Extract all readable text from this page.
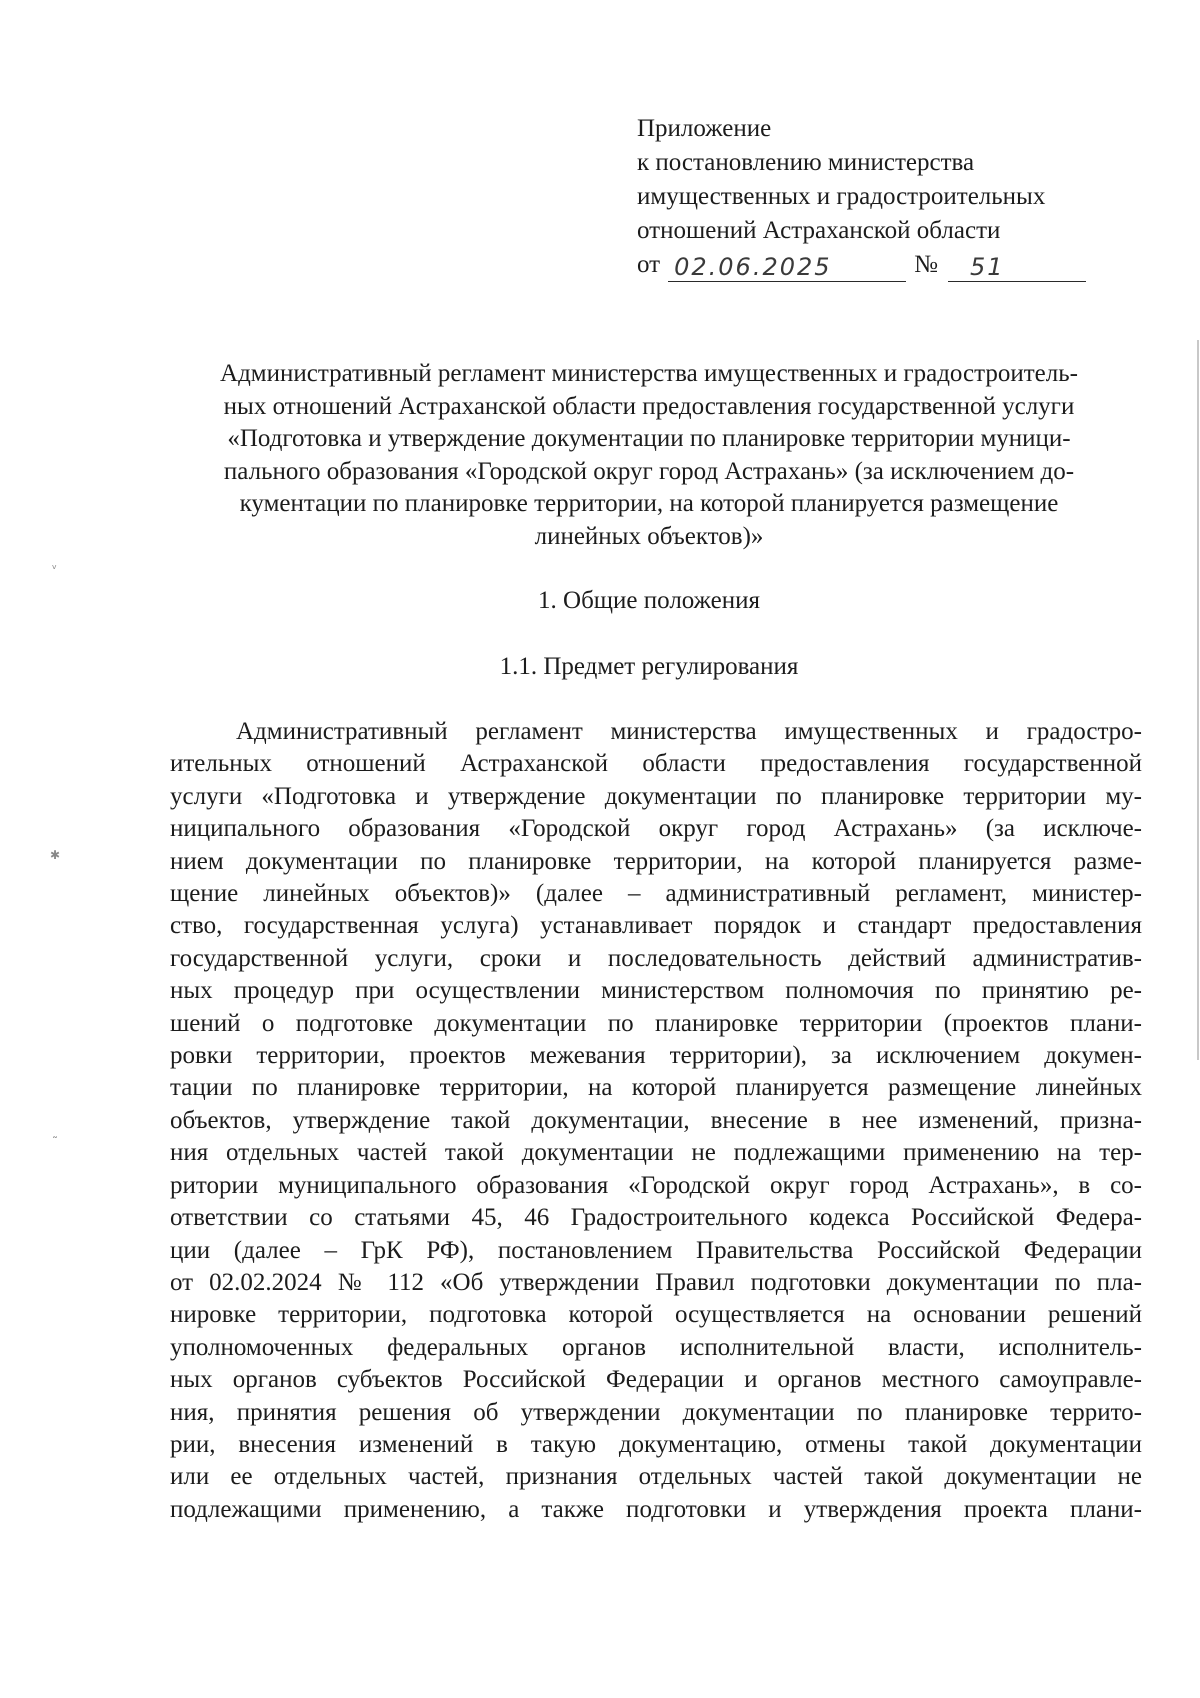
ᵥ
✱
˜
Приложение
к постановлению министерства
имущественных и градостроительных
отношений Астраханской области
от 02.06.2025	№	51
Административный регламент министерства имущественных и градостроитель-
ных отношений Астраханской области предоставления государственной услуги
«Подготовка и утверждение документации по планировке территории муници-
пального образования «Городской округ город Астрахань» (за исключением до-
кументации по планировке территории, на которой планируется размещение
линейных объектов)»
1. Общие положения
1.1. Предмет регулирования
Административный регламент министерства имущественных и градостро-
ительных отношений Астраханской области предоставления государственной
услуги «Подготовка и утверждение документации по планировке территории му-
ниципального образования «Городской округ город Астрахань» (за исключе-
нием документации по планировке территории, на которой планируется разме-
щение линейных объектов)» (далее – административный регламент, министер-
ство, государственная услуга) устанавливает порядок и стандарт предоставления
государственной услуги, сроки и последовательность действий административ-
ных процедур при осуществлении министерством полномочия по принятию ре-
шений о подготовке документации по планировке территории (проектов плани-
ровки территории, проектов межевания территории), за исключением докумен-
тации по планировке территории, на которой планируется размещение линейных
объектов, утверждение такой документации, внесение в нее изменений, призна-
ния отдельных частей такой документации не подлежащими применению на тер-
ритории муниципального образования «Городской округ город Астрахань», в со-
ответствии со статьями 45, 46 Градостроительного кодекса Российской Федера-
ции (далее – ГрК РФ), постановлением Правительства Российской Федерации
от 02.02.2024 № 112 «Об утверждении Правил подготовки документации по пла-
нировке территории, подготовка которой осуществляется на основании решений
уполномоченных федеральных органов исполнительной власти, исполнитель-
ных органов субъектов Российской Федерации и органов местного самоуправле-
ния, принятия решения об утверждении документации по планировке террито-
рии, внесения изменений в такую документацию, отмены такой документации
или ее отдельных частей, признания отдельных частей такой документации не
подлежащими применению, а также подготовки и утверждения проекта плани-
